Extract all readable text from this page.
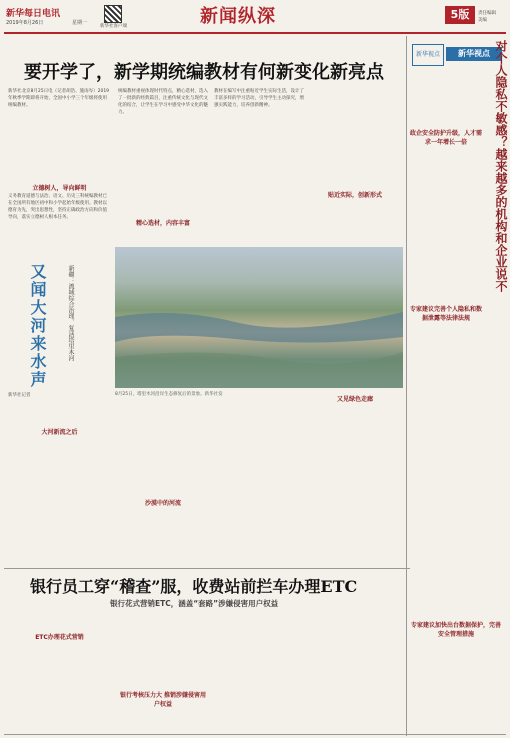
新华每日电讯
2019年8月26日	星期一
新华社客户端	新闻纵深	5版	责任编辑
美编
要开学了，新学期统编教材有何新变化新亮点
新华社北京8月25日电（记者胡浩、施雨岑）2019年秋季学期即将开始，全国中小学三个年级将使用统编教材。
立德树人，导向鲜明
义务教育道德与法治、语文、历史三科统编教材已在全国所有地区初中和小学起始年级使用。教材以德育为先，突出思想性，坚持正确政治方向和价值导向，落实立德树人根本任务。
统编教材重视体现时代特点，精心选材，选入了一批新的经典篇目，注重传统文化与现代文化的结合，让学生在学习中感受中华文化的魅力。
精心选材，内容丰富
教材在编写中注重贴近学生实际生活，设计了丰富多样的学习活动，引导学生主动探究，增强实践能力，培养创新精神。
贴近实际，创新形式
新华视点	新华视点 对个人隐私不敏感？越来越多的机构和企业说不
政企安全防护升级，人才需求一年增长一倍
专家建议完善个人隐私和数据泄露等法律法规
专家建议加快出台数据保护，完善安全管理措施
又闻大河来水声	新疆：流域综合治理、复活塔里木河
8月25日，塔里木河沿岸生态修复后的景象。新华社发
新华社记者
大河新流之后
沙漠中的河流
又见绿色走廊
银行员工穿“稽查”服，收费站前拦车办理ETC
银行花式营销ETC，涵盖“套路”涉嫌侵害用户权益
ETC办理花式营销
银行考核压力大 推销涉嫌侵害用户权益
